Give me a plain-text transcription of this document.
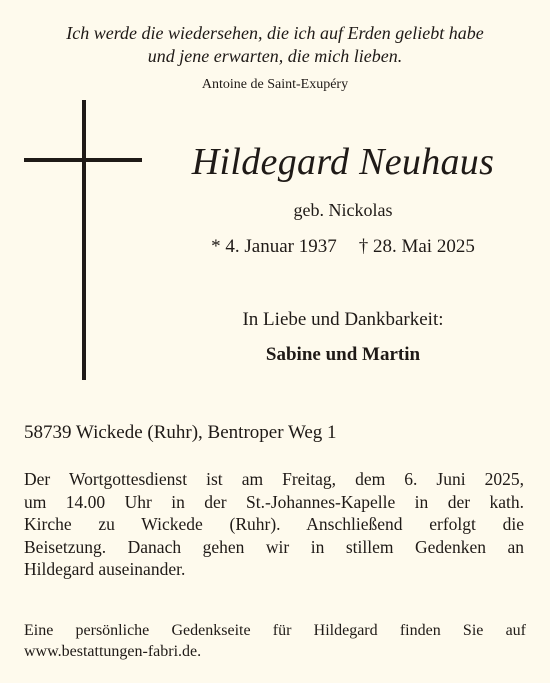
Ich werde die wiedersehen, die ich auf Erden geliebt habe
und jene erwarten, die mich lieben.
Antoine de Saint-Exupéry
Hildegard Neuhaus
geb. Nickolas
* 4. Januar 1937 † 28. Mai 2025
In Liebe und Dankbarkeit:
Sabine und Martin
58739 Wickede (Ruhr), Bentroper Weg 1
Der Wortgottesdienst ist am Freitag, dem 6. Juni 2025,
um 14.00 Uhr in der St.-Johannes-Kapelle in der kath.
Kirche zu Wickede (Ruhr). Anschließend erfolgt die
Beisetzung. Danach gehen wir in stillem Gedenken an
Hildegard auseinander.
Eine persönliche Gedenkseite für Hildegard finden Sie auf
www.bestattungen-fabri.de.
